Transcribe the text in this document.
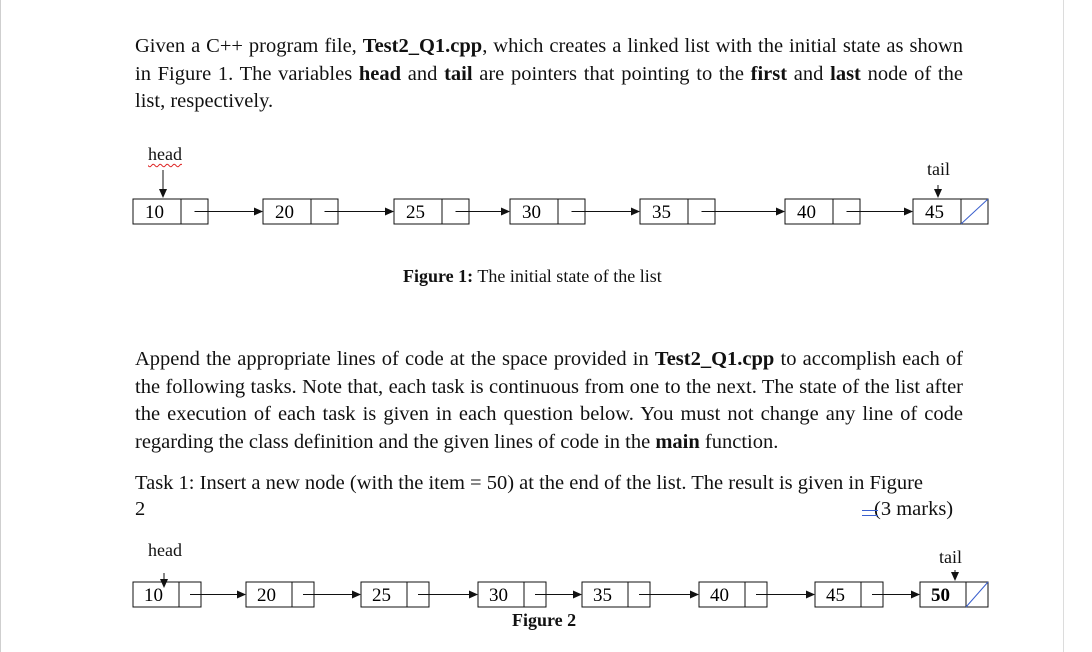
Given a C++ program file, Test2_Q1.cpp, which creates a linked list with the initial state as shown in Figure 1. The variables head and tail are pointers that pointing to the first and last node of the list, respectively.
head
tail
10	20	25	30	35	40	45
Figure 1: The initial state of the list
Append the appropriate lines of code at the space provided in Test2_Q1.cpp to accomplish each of the following tasks. Note that, each task is continuous from one to the next. The state of the list after the execution of each task is given in each question below. You must not change any line of code regarding the class definition and the given lines of code in the main function.
Task 1: Insert a new node (with the item = 50) at the end of the list. The result is given in Figure
2	(3 marks)
head	tail
10	20	25	30	35	40	45	50
Figure 2
